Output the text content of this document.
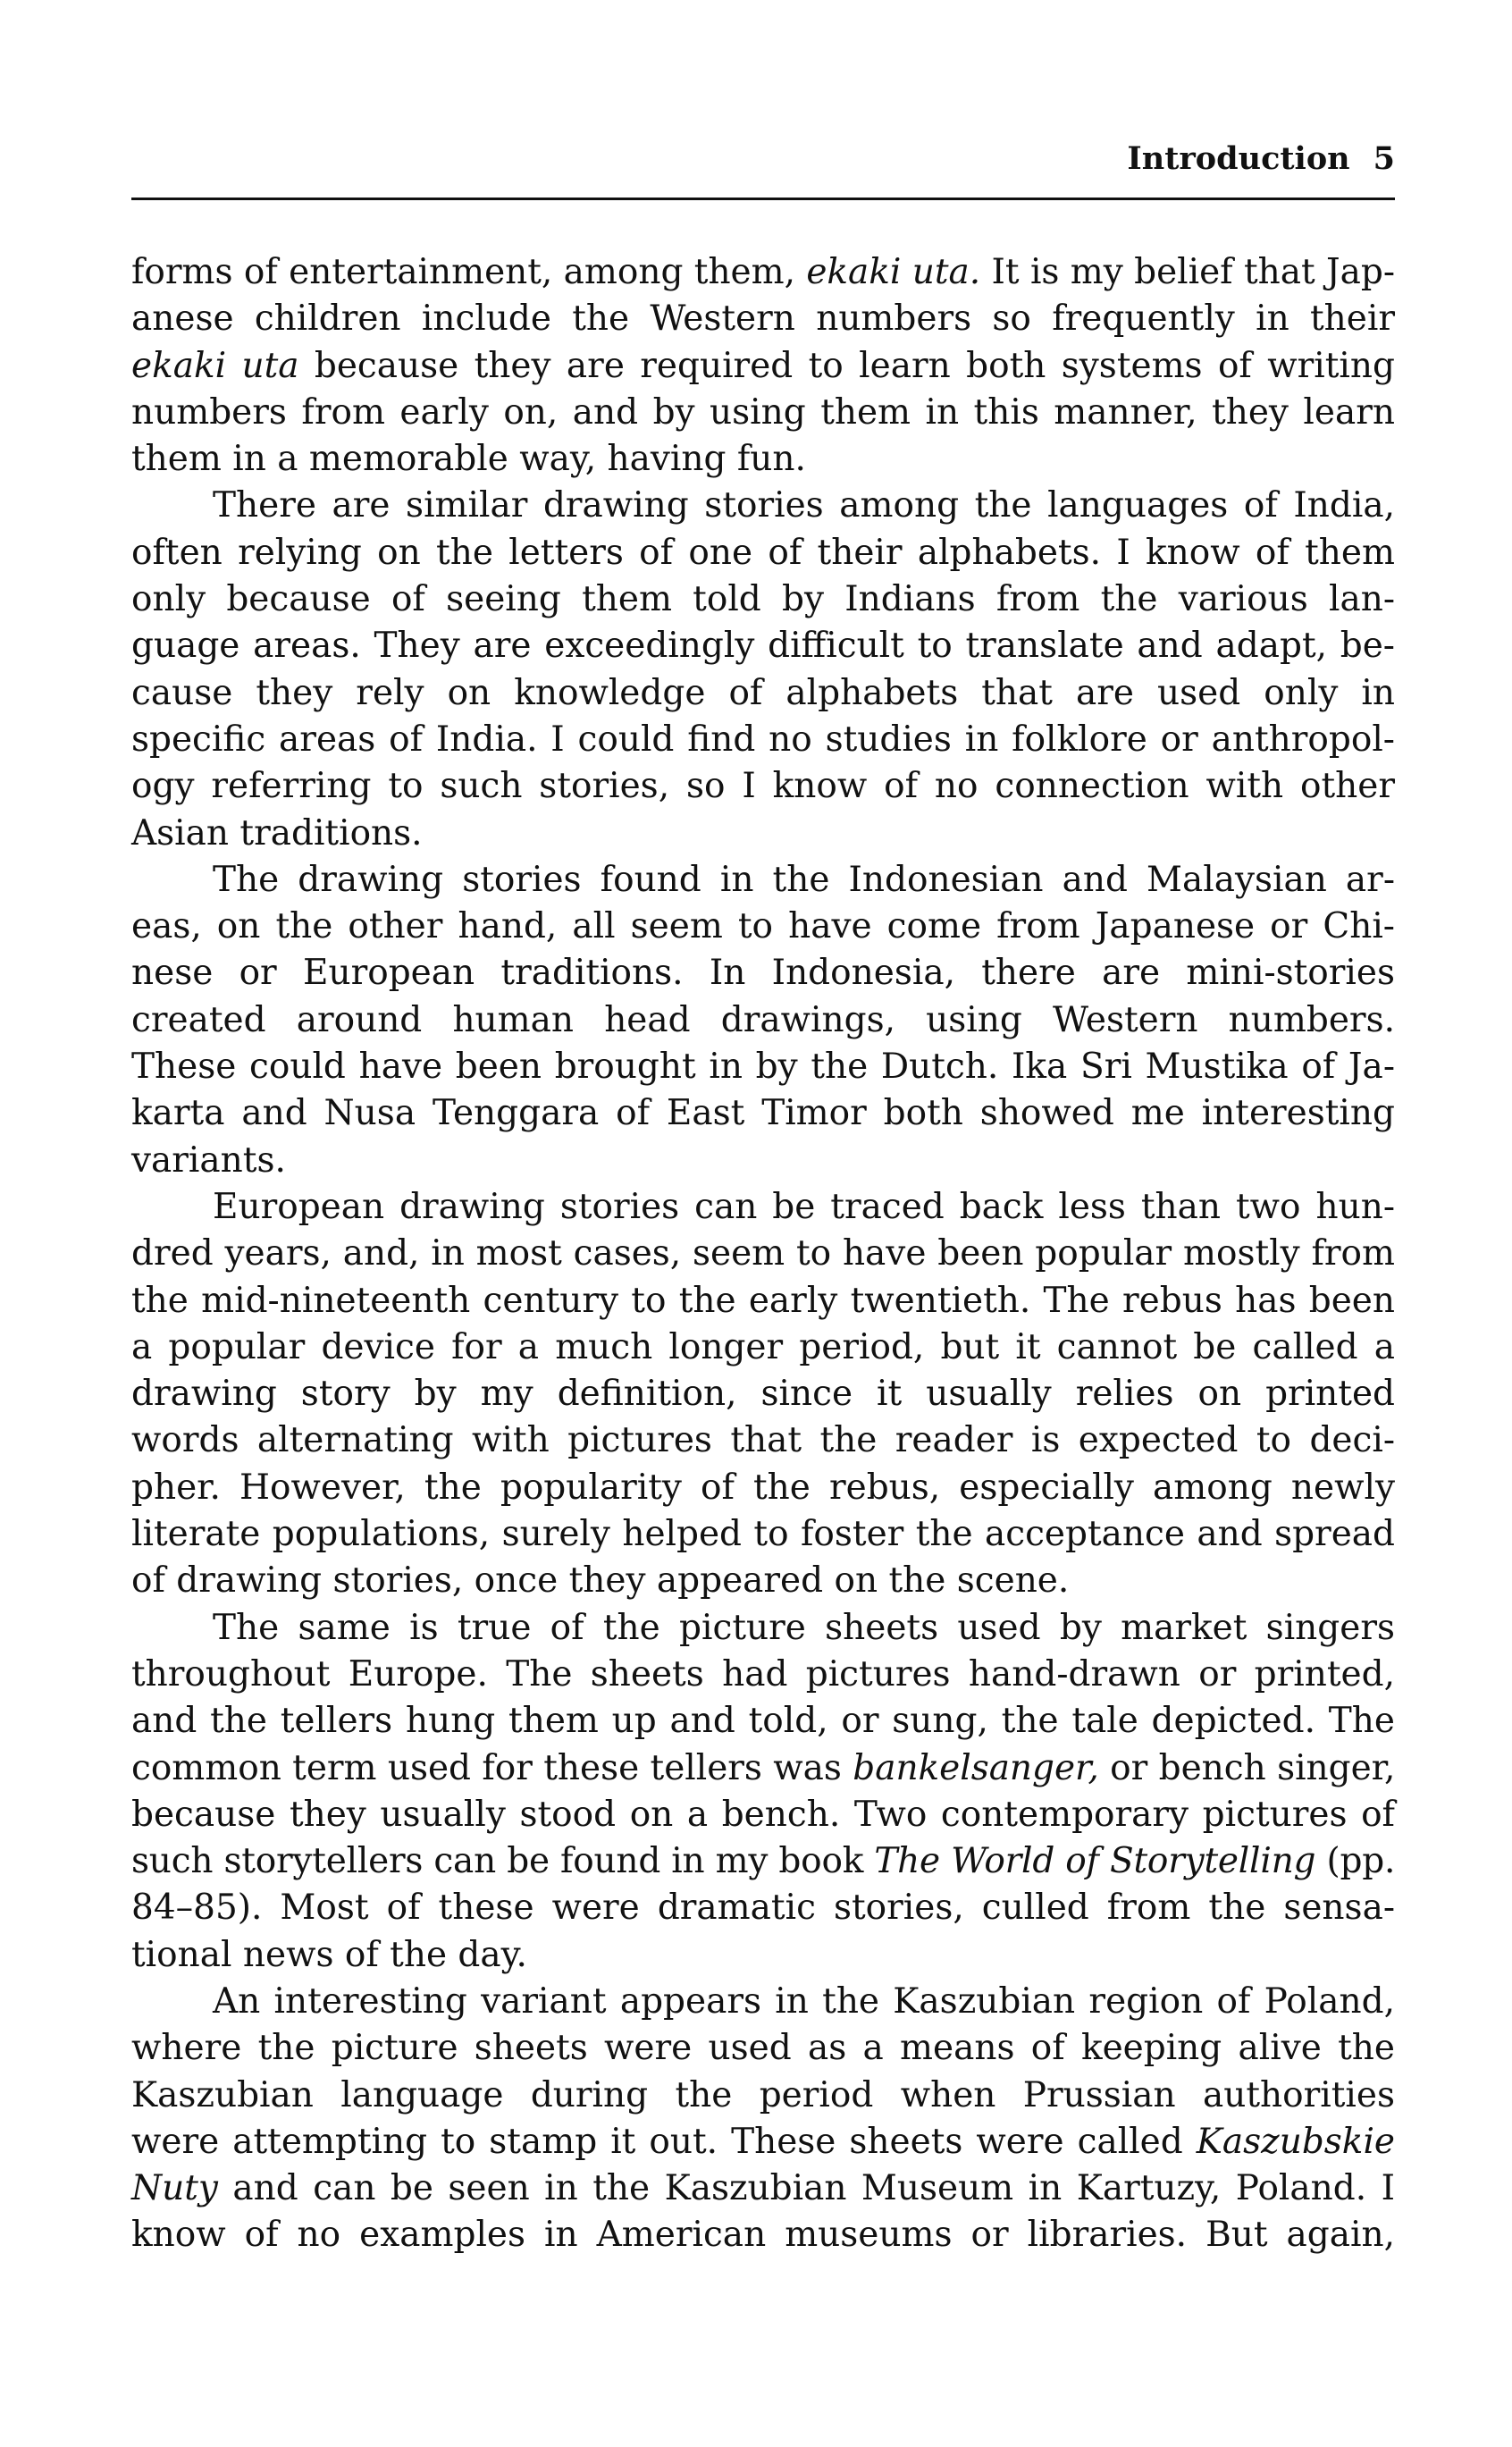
Introduction 5

forms of entertainment, among them, ekaki uta. It is my belief that Jap-
anese children include the Western numbers so frequently in their
ekaki uta because they are required to learn both systems of writing
numbers from early on, and by using them in this manner, they learn
them in a memorable way, having fun.

There are similar drawing stories among the languages of India,
often relying on the letters of one of their alphabets. I know of them
only because of seeing them told by Indians from the various lan-
guage areas. They are exceedingly difficult to translate and adapt, be-
cause they rely on knowledge of alphabets that are used only in
specific areas of India. I could find no studies in folklore or anthropol-
ogy referring to such stories, so I know of no connection with other
Asian traditions.

The drawing stories found in the Indonesian and Malaysian ar-
eas, on the other hand, all seem to have come from Japanese or Chi-
nese or European traditions. In Indonesia, there are mini-stories
created around human head drawings, using Western numbers.
These could have been brought in by the Dutch. Ika Sri Mustika of Ja-
karta and Nusa Tenggara of East Timor both showed me interesting
variants.

European drawing stories can be traced back less than two hun-
dred years, and, in most cases, seem to have been popular mostly from
the mid-nineteenth century to the early twentieth. The rebus has been
a popular device for a much longer period, but it cannot be called a
drawing story by my definition, since it usually relies on printed
words alternating with pictures that the reader is expected to deci-
pher. However, the popularity of the rebus, especially among newly
literate populations, surely helped to foster the acceptance and spread
of drawing stories, once they appeared on the scene.

The same is true of the picture sheets used by market singers
throughout Europe. The sheets had pictures hand-drawn or printed,
and the tellers hung them up and told, or sung, the tale depicted. The
common term used for these tellers was bankelsanger, or bench singer,
because they usually stood on a bench. Two contemporary pictures of
such storytellers can be found in my book The World of Storytelling (pp.
84–85). Most of these were dramatic stories, culled from the sensa-
tional news of the day.

An interesting variant appears in the Kaszubian region of Poland,
where the picture sheets were used as a means of keeping alive the
Kaszubian language during the period when Prussian authorities
were attempting to stamp it out. These sheets were called Kaszubskie
Nuty and can be seen in the Kaszubian Museum in Kartuzy, Poland. I
know of no examples in American museums or libraries. But again,
